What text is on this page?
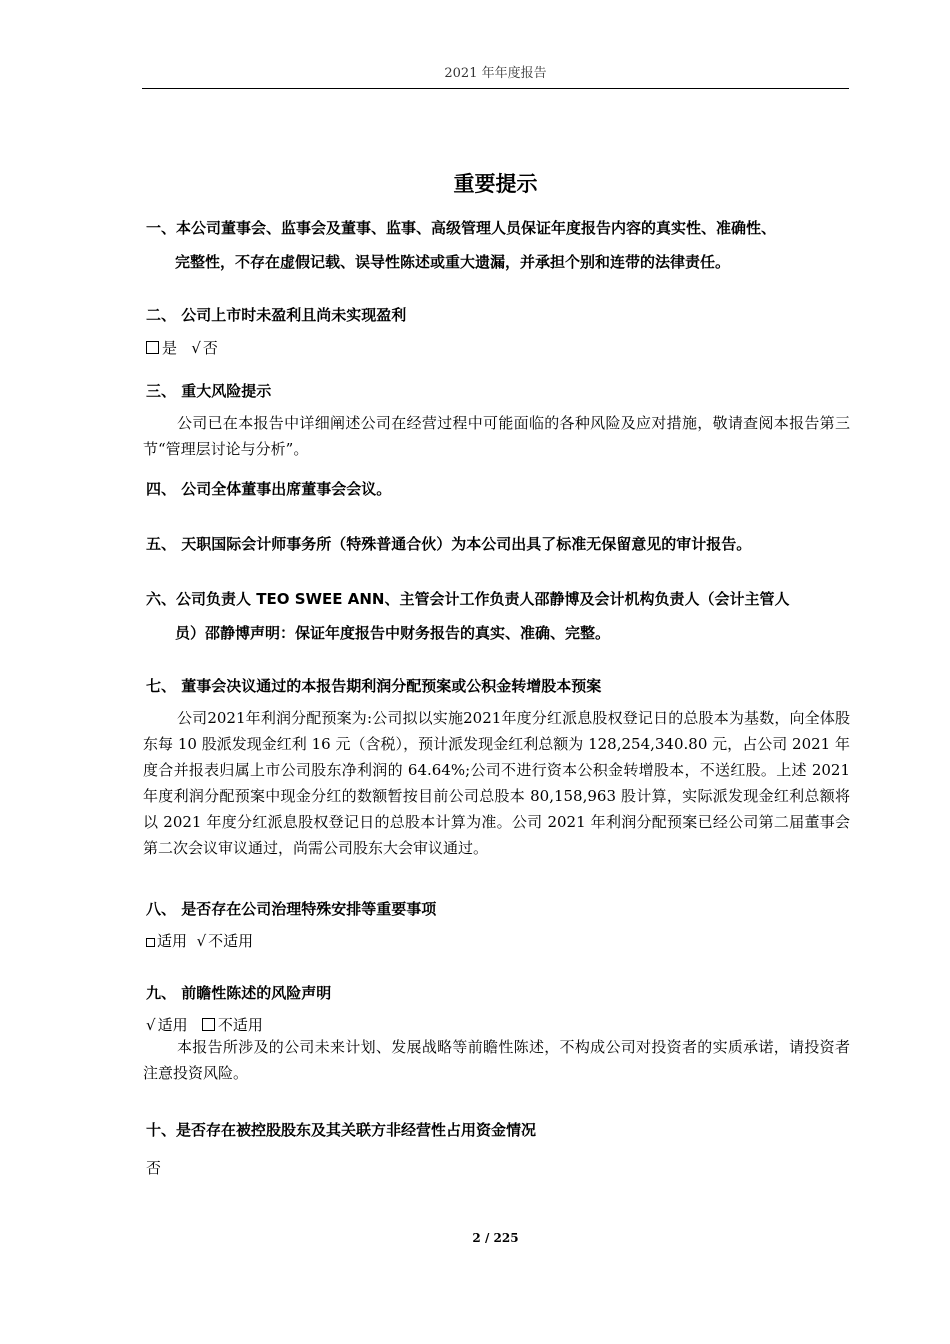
2021 年年度报告
重要提示
一、本公司董事会、监事会及董事、监事、高级管理人员保证年度报告内容的真实性、准确性、
完整性，不存在虚假记载、误导性陈述或重大遗漏，并承担个别和连带的法律责任。
二、 公司上市时未盈利且尚未实现盈利
是 √ 否
三、 重大风险提示
公司已在本报告中详细阐述公司在经营过程中可能面临的各种风险及应对措施，敬请查阅本报告第三节“管理层讨论与分析”。
四、 公司全体董事出席董事会会议。
五、 天职国际会计师事务所（特殊普通合伙）为本公司出具了标准无保留意见的审计报告。
六、公司负责人 TEO SWEE ANN、主管会计工作负责人邵静博及会计机构负责人（会计主管人
员）邵静博声明：保证年度报告中财务报告的真实、准确、完整。
七、 董事会决议通过的本报告期利润分配预案或公积金转增股本预案
公司2021年利润分配预案为:公司拟以实施2021年度分红派息股权登记日的总股本为基数，向全体股东每 10 股派发现金红利 16 元（含税），预计派发现金红利总额为 128,254,340.80 元，占公司 2021 年度合并报表归属上市公司股东净利润的 64.64%;公司不进行资本公积金转增股本，不送红股。上述 2021 年度利润分配预案中现金分红的数额暂按目前公司总股本 80,158,963 股计算，实际派发现金红利总额将以 2021 年度分红派息股权登记日的总股本计算为准。公司 2021 年利润分配预案已经公司第二届董事会第二次会议审议通过，尚需公司股东大会审议通过。
八、 是否存在公司治理特殊安排等重要事项
适用 √ 不适用
九、 前瞻性陈述的风险声明
√ 适用 不适用
本报告所涉及的公司未来计划、发展战略等前瞻性陈述，不构成公司对投资者的实质承诺，请投资者注意投资风险。
十、是否存在被控股股东及其关联方非经营性占用资金情况
否
2 / 225
